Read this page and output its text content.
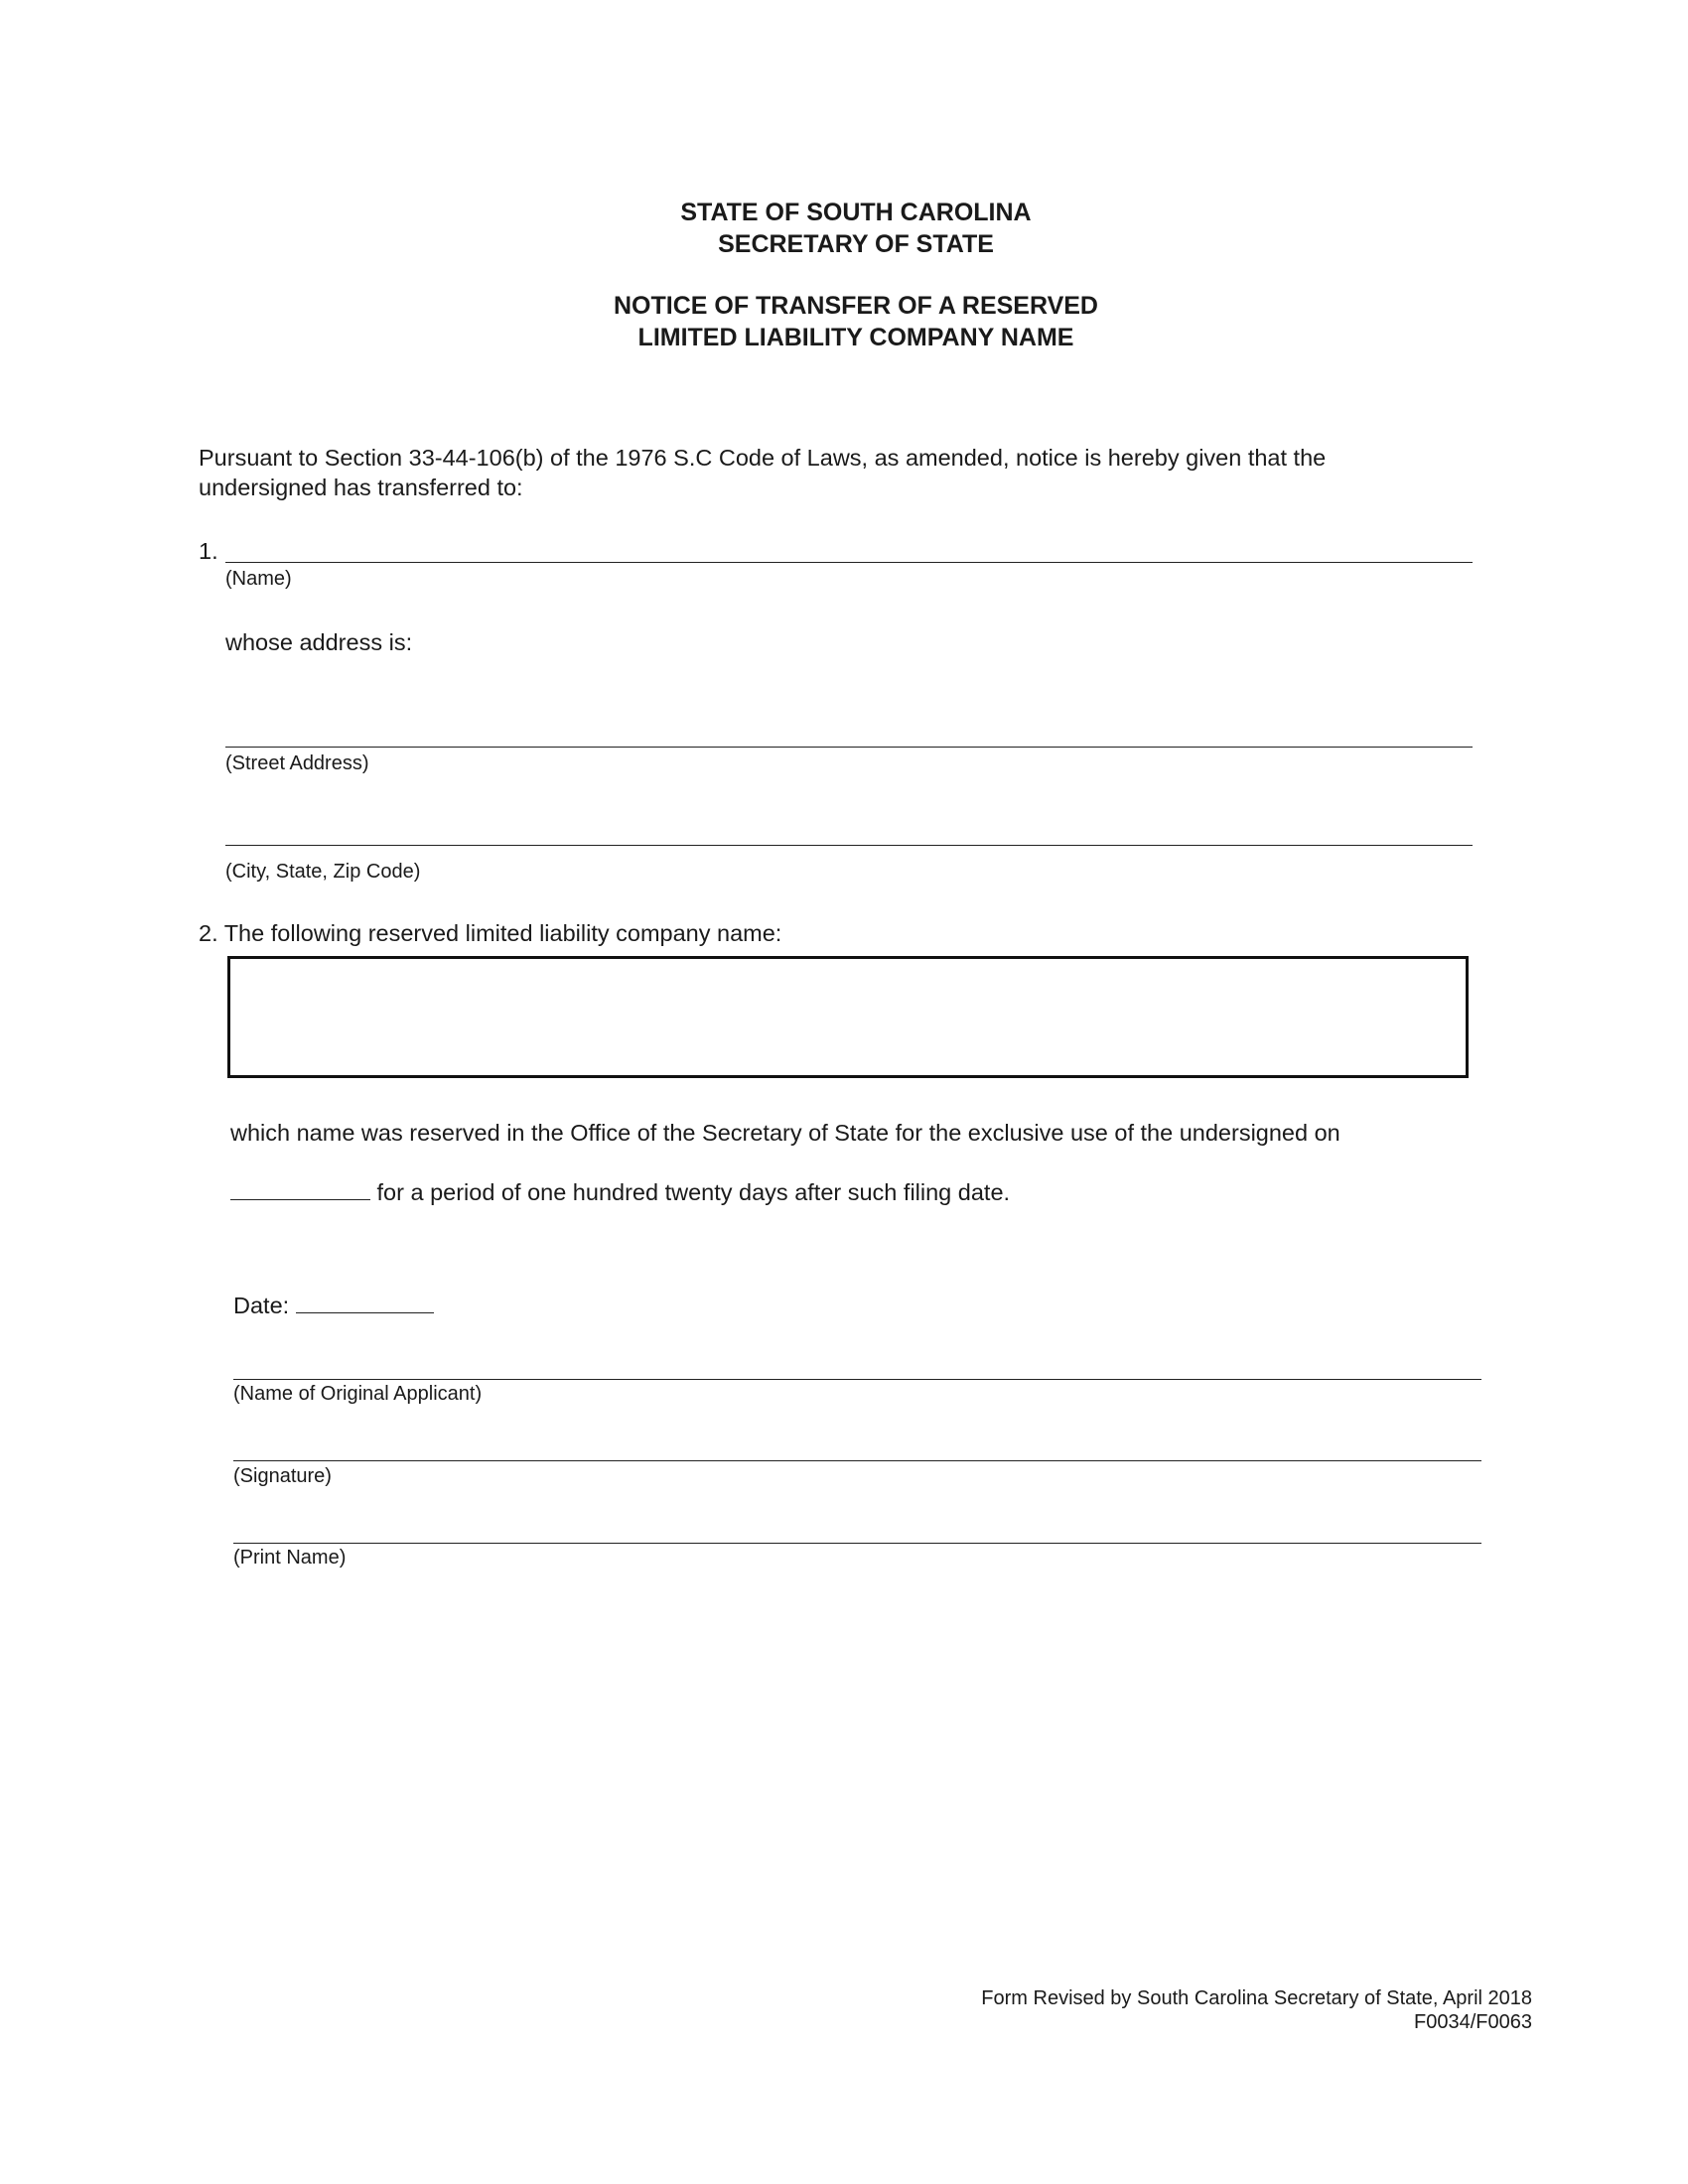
STATE OF SOUTH CAROLINA
SECRETARY OF STATE
NOTICE OF TRANSFER OF A RESERVED
LIMITED LIABILITY COMPANY NAME
Pursuant to Section 33-44-106(b) of the 1976 S.C Code of Laws, as amended, notice is hereby given that the
undersigned has transferred to:
1.
(Name)
whose address is:
(Street Address)
(City, State, Zip Code)
2. The following reserved limited liability company name:
which name was reserved in the Office of the Secretary of State for the exclusive use of the undersigned on
for a period of one hundred twenty days after such filing date.
Date:
(Name of Original Applicant)
(Signature)
(Print Name)
Form Revised by South Carolina Secretary of State, April 2018
F0034/F0063
